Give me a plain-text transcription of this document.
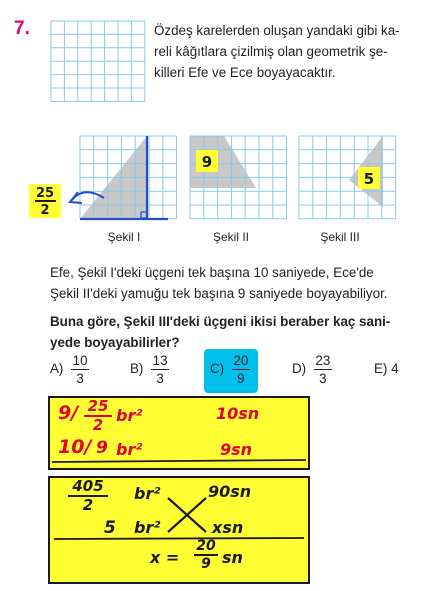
7.	Özdeş karelerden oluşan yandaki gibi ka-
reli kâğıtlara çizilmiş olan geometrik şe-
killeri Efe ve Ece boyayacaktır.
25
2
9
5
Şekil I	Şekil II	Şekil III
Efe, Şekil I'deki üçgeni tek başına 10 saniyede, Ece'de
Şekil II'deki yamuğu tek başına 9 saniyede boyayabiliyor.
Buna göre, Şekil III'deki üçgeni ikisi beraber kaç sani-
yede boyayabilirler?
$A) \frac{10}{3}$	$B) \frac{13}{3}$	$C) \frac{20}{9}$	$D) \frac{23}{3}$	E) 4
9/ 25
2 br²	10sn
10/ 9 br²	9sn
405
2
br²	90sn
5 br²	xsn
x =
20
9 sn
